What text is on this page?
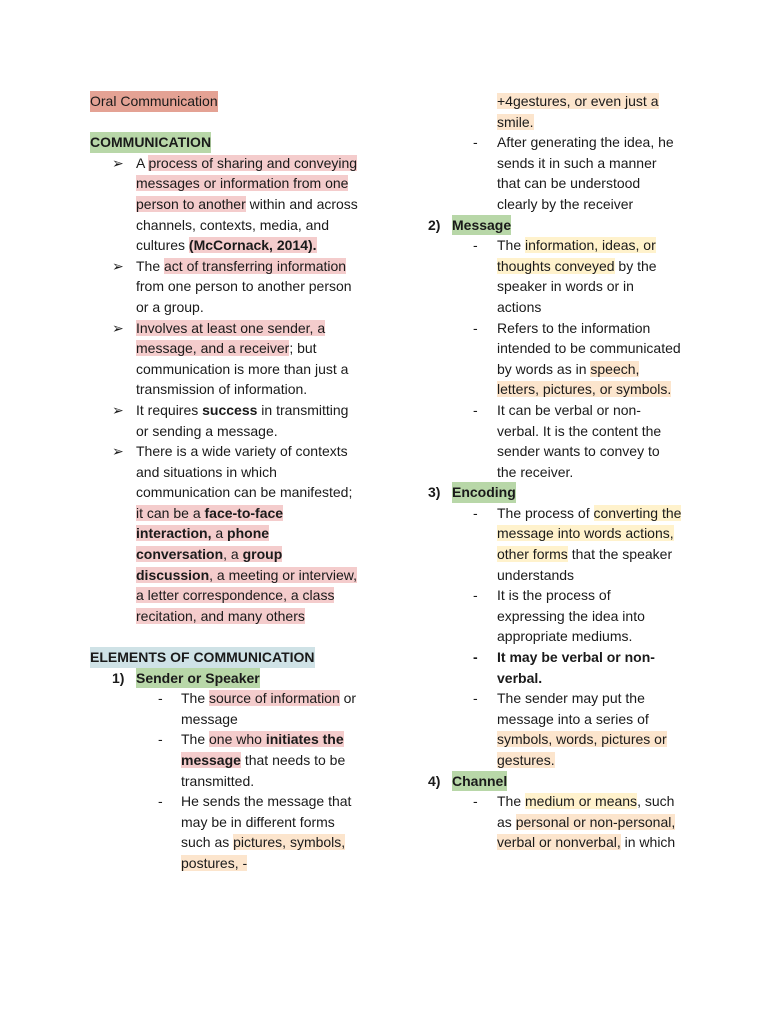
Oral Communication
COMMUNICATION
➢ A process of sharing and conveying messages or information from one person to another within and across channels, contexts, media, and cultures (McCornack, 2014).
➢ The act of transferring information from one person to another person or a group.
➢ Involves at least one sender, a message, and a receiver; but communication is more than just a transmission of information.
➢ It requires success in transmitting or sending a message.
➢ There is a wide variety of contexts and situations in which communication can be manifested; it can be a face-to-face interaction, a phone conversation, a group discussion, a meeting or interview, a letter correspondence, a class recitation, and many others
ELEMENTS OF COMMUNICATION
1) Sender or Speaker
- The source of information or message
- The one who initiates the message that needs to be transmitted.
- He sends the message that may be in different forms such as pictures, symbols, postures, -
+4gestures, or even just a smile.
- After generating the idea, he sends it in such a manner that can be understood clearly by the receiver
2) Message
- The information, ideas, or thoughts conveyed by the speaker in words or in actions
- Refers to the information intended to be communicated by words as in speech, letters, pictures, or symbols.
- It can be verbal or non-verbal. It is the content the sender wants to convey to the receiver.
3) Encoding
- The process of converting the message into words actions, other forms that the speaker understands
- It is the process of expressing the idea into appropriate mediums.
- It may be verbal or non-verbal.
- The sender may put the message into a series of symbols, words, pictures or gestures.
4) Channel
- The medium or means, such as personal or non-personal, verbal or nonverbal, in which
